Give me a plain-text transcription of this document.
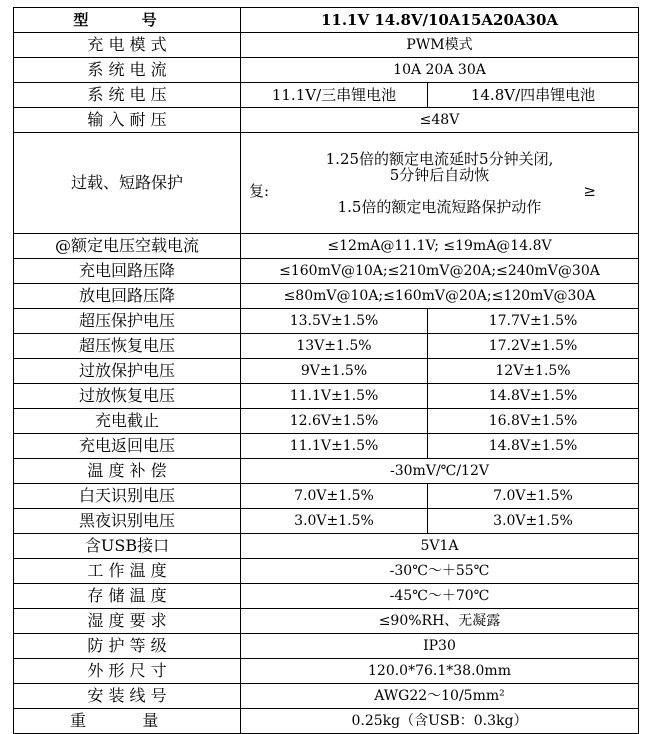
型 号	11.1V 14.8V/10A15A20A30A	
充 电 模 式	PWM模式	
系 统 电 流	10A 20A 30A	
系 统 电 压	11.1V/三串锂电池	14.8V/四串锂电池
输 入 耐 压	≤48V	
过载、短路保护	1.25倍的额定电流延时5分钟关闭,
5分钟后自动恢
复: ≥
1.5倍的额定电流短路保护动作	

@额定电压空载电流	≤12mA@11.1V; ≤19mA@14.8V	
充电回路压降	≤160mV@10A;≤210mV@20A;≤240mV@30A	
放电回路压降	≤80mV@10A;≤160mV@20A;≤120mV@30A	
超压保护电压	13.5V±1.5%	17.7V±1.5%
超压恢复电压	13V±1.5%	17.2V±1.5%
过放保护电压	9V±1.5%	12V±1.5%
过放恢复电压	11.1V±1.5%	14.8V±1.5%
充电截止	12.6V±1.5%	16.8V±1.5%
充电返回电压	11.1V±1.5%	14.8V±1.5%
温 度 补 偿	-30mV/℃/12V	
白天识别电压	7.0V±1.5%	7.0V±1.5%
黑夜识别电压	3.0V±1.5%	3.0V±1.5%
含USB接口	5V1A	
工 作 温 度	-30℃～＋55℃	
存 储 温 度	-45℃～＋70℃	
湿 度 要 求	≤90%RH、无凝露	
防 护 等 级	IP30	
外 形 尺 寸	120.0*76.1*38.0mm	
安 装 线 号	AWG22～10/5mm²	
重 量	0.25kg（含USB：0.3kg）	
